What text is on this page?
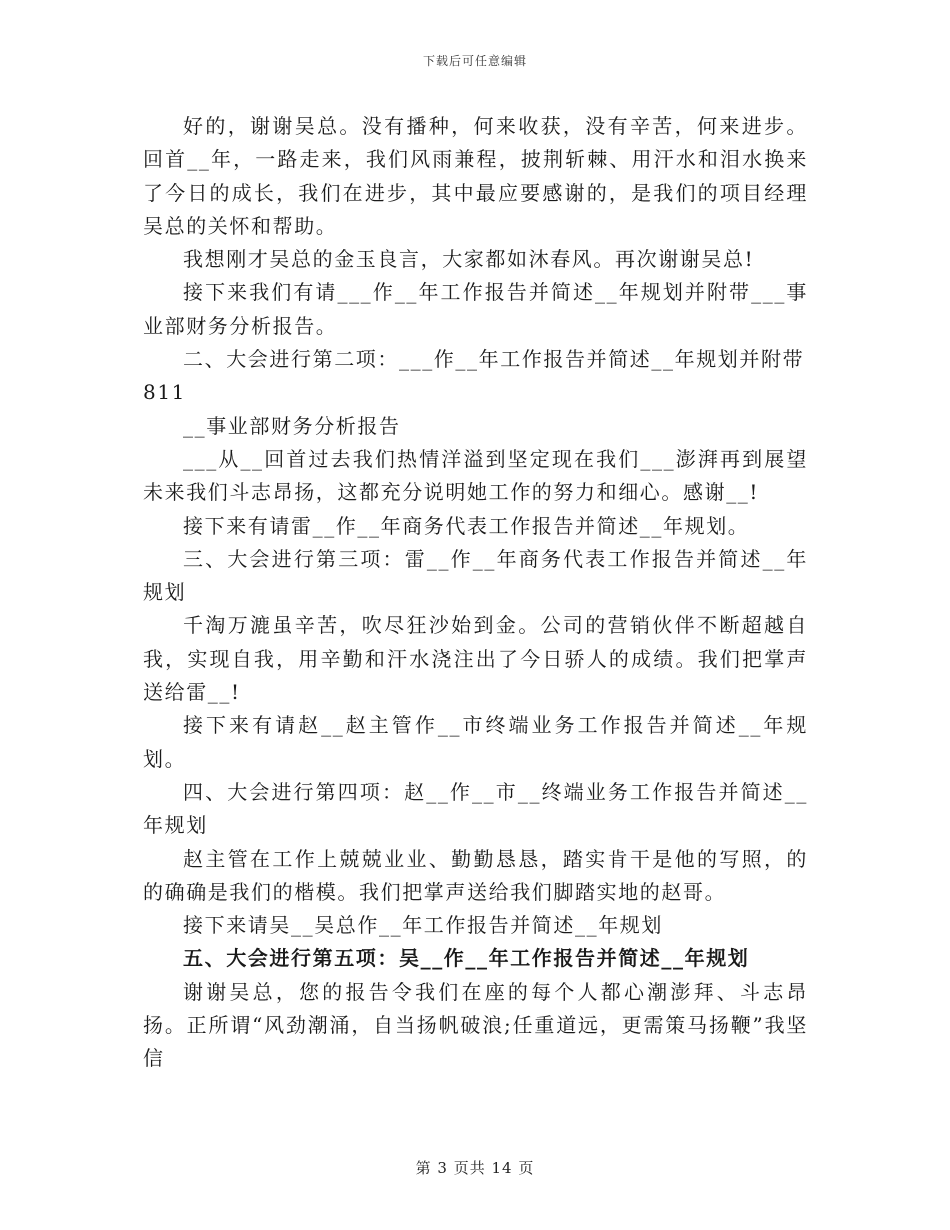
下载后可任意编辑

好的，谢谢吴总。没有播种，何来收获，没有辛苦，何来进步。回首__年，一路走来，我们风雨兼程，披荆斩棘、用汗水和泪水换来了今日的成长，我们在进步，其中最应要感谢的，是我们的项目经理吴总的关怀和帮助。

我想刚才吴总的金玉良言，大家都如沐春风。再次谢谢吴总!

接下来我们有请___作__年工作报告并简述__年规划并附带___事业部财务分析报告。

二、大会进行第二项：___作__年工作报告并简述__年规划并附带

811

__事业部财务分析报告

___从__回首过去我们热情洋溢到坚定现在我们___澎湃再到展望未来我们斗志昂扬，这都充分说明她工作的努力和细心。感谢__!

接下来有请雷__作__年商务代表工作报告并简述__年规划。

三、大会进行第三项：雷__作__年商务代表工作报告并简述__年规划

千淘万漉虽辛苦，吹尽狂沙始到金。公司的营销伙伴不断超越自我，实现自我，用辛勤和汗水浇注出了今日骄人的成绩。我们把掌声送给雷__!

接下来有请赵__赵主管作__市终端业务工作报告并简述__年规划。

四、大会进行第四项：赵__作__市__终端业务工作报告并简述__年规划

赵主管在工作上兢兢业业、勤勤恳恳，踏实肯干是他的写照，的的确确是我们的楷模。我们把掌声送给我们脚踏实地的赵哥。

接下来请吴__吴总作__年工作报告并简述__年规划

五、大会进行第五项：吴__作__年工作报告并简述__年规划

谢谢吴总，您的报告令我们在座的每个人都心潮澎拜、斗志昂扬。正所谓“风劲潮涌，自当扬帆破浪;任重道远，更需策马扬鞭”我坚信

第 3 页共 14 页
